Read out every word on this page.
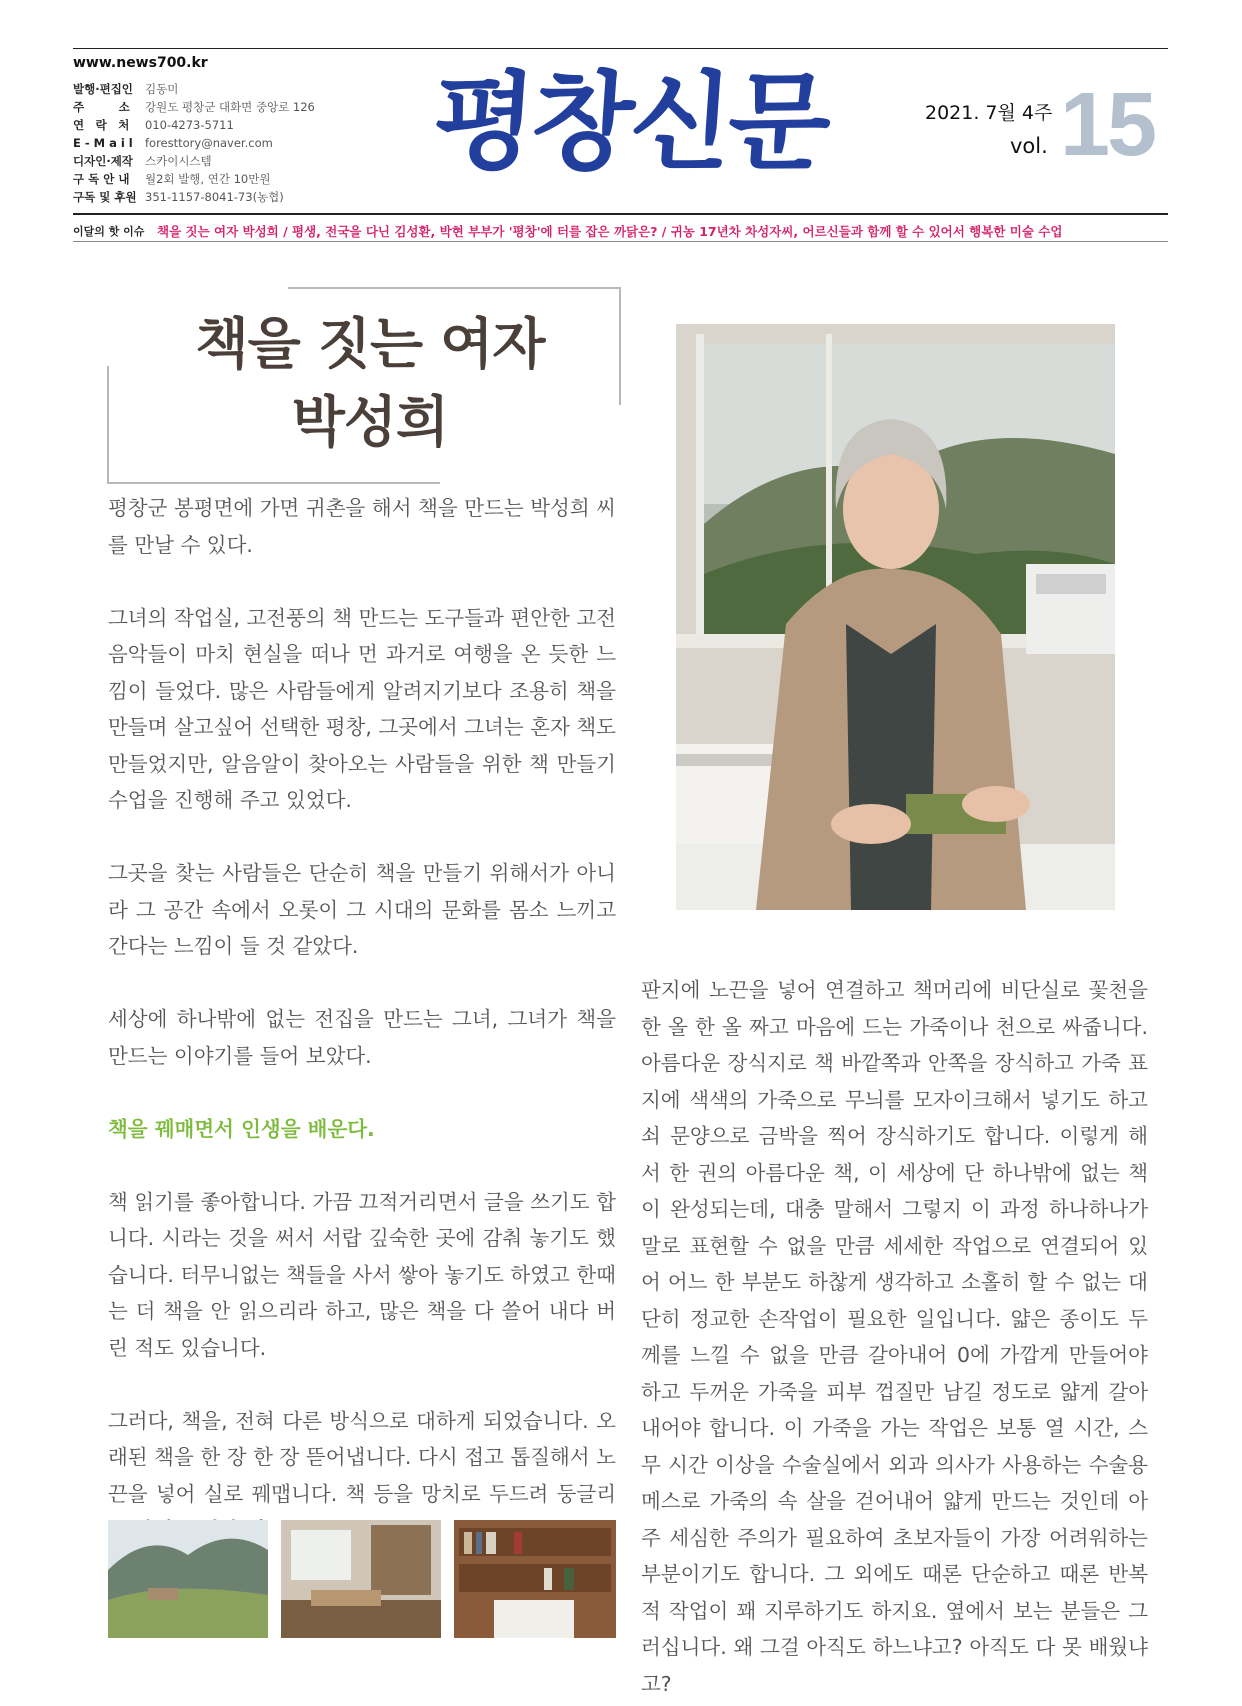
www.news700.kr
발행·편집인	김동미
주　　　소	강원도 평창군 대화면 중앙로 126
연　락　처	010-4273-5711
E - M a i l	foresttory@naver.com
디자인·제작	스카이시스템
구 독 안 내	월2회 발행, 연간 10만원
구독 및 후원 351-1157-8041-73(농협)
평창신문	2021. 7월 4주
vol. 15
이달의 핫 이슈	책을 짓는 여자 박성희 / 평생, 전국을 다닌 김성환, 박현 부부가 '평창'에 터를 잡은 까닭은? / 귀농 17년차 차성자씨, 어르신들과 함께 할 수 있어서 행복한 미술 수업
책을 짓는 여자
박성희

평창군 봉평면에 가면 귀촌을 해서 책을 만드는 박성희 씨를 만날 수 있다.

그녀의 작업실, 고전풍의 책 만드는 도구들과 편안한 고전음악들이 마치 현실을 떠나 먼 과거로 여행을 온 듯한 느낌이 들었다. 많은 사람들에게 알려지기보다 조용히 책을 만들며 살고싶어 선택한 평창, 그곳에서 그녀는 혼자 책도 만들었지만, 알음알이 찾아오는 사람들을 위한 책 만들기 수업을 진행해 주고 있었다.

그곳을 찾는 사람들은 단순히 책을 만들기 위해서가 아니라 그 공간 속에서 오롯이 그 시대의 문화를 몸소 느끼고 간다는 느낌이 들 것 같았다.

세상에 하나밖에 없는 전집을 만드는 그녀, 그녀가 책을 만드는 이야기를 들어 보았다.

책을 꿰매면서 인생을 배운다.

책 읽기를 좋아합니다. 가끔 끄적거리면서 글을 쓰기도 합니다. 시라는 것을 써서 서랍 깊숙한 곳에 감춰 놓기도 했습니다. 터무니없는 책들을 사서 쌓아 놓기도 하였고 한때는 더 책을 안 읽으리라 하고, 많은 책을 다 쓸어 내다 버린 적도 있습니다.

그러다, 책을, 전혀 다른 방식으로 대하게 되었습니다. 오래된 책을 한 장 한 장 뜯어냅니다. 다시 접고 톱질해서 노끈을 넣어 실로 꿰맵니다. 책 등을 망치로 두드려 둥글리

판지에 노끈을 넣어 연결하고 책머리에 비단실로 꽃천을 한 올 한 올 짜고 마음에 드는 가죽이나 천으로 싸줍니다. 아름다운 장식지로 책 바깥쪽과 안쪽을 장식하고 가죽 표지에 색색의 가죽으로 무늬를 모자이크해서 넣기도 하고 쇠 문양으로 금박을 찍어 장식하기도 합니다. 이렇게 해서 한 권의 아름다운 책, 이 세상에 단 하나밖에 없는 책이 완성되는데, 대충 말해서 그렇지 이 과정 하나하나가 말로 표현할 수 없을 만큼 세세한 작업으로 연결되어 있어 어느 한 부분도 하찮게 생각하고 소홀히 할 수 없는 대단히 정교한 손작업이 필요한 일입니다. 얇은 종이도 두께를 느낄 수 없을 만큼 갈아내어 0에 가깝게 만들어야 하고 두꺼운 가죽을 피부 껍질만 남길 정도로 얇게 갈아 내어야 합니다. 이 가죽을 가는 작업은 보통 열 시간, 스무 시간 이상을 수술실에서 외과 의사가 사용하는 수술용 메스로 가죽의 속 살을 걷어내어 얇게 만드는 것인데 아주 세심한 주의가 필요하여 초보자들이 가장 어려워하는 부분이기도 합니다. 그 외에도 때론 단순하고 때론 반복적 작업이 꽤 지루하기도 하지요. 옆에서 보는 분들은 그러십니다. 왜 그걸 아직도 하느냐고? 아직도 다 못 배웠냐고?
